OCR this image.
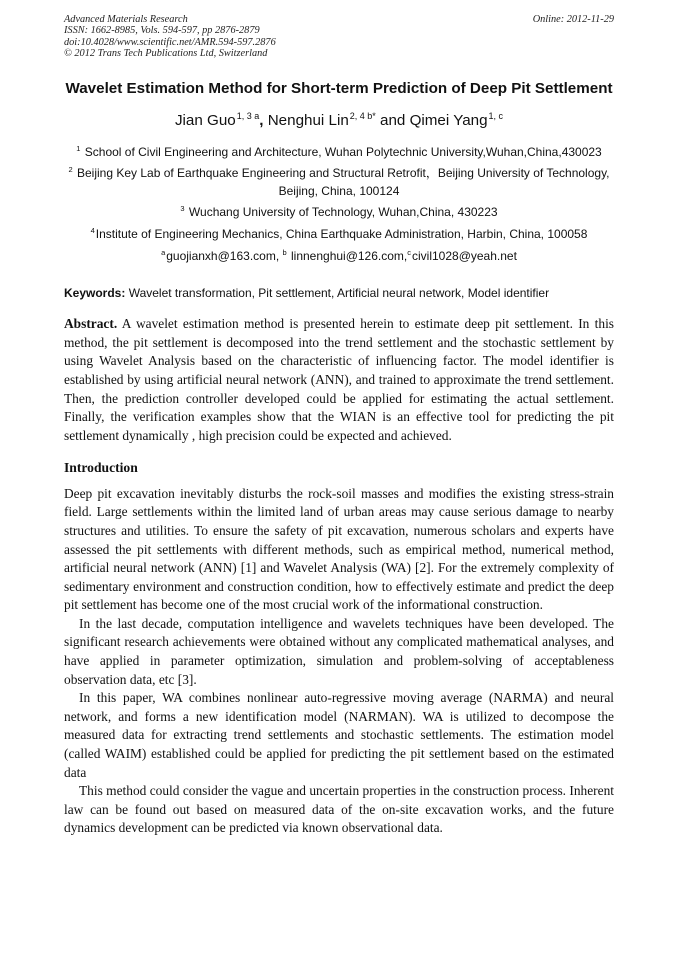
Advanced Materials Research	Online: 2012-11-29
ISSN: 1662-8985, Vols. 594-597, pp 2876-2879
doi:10.4028/www.scientific.net/AMR.594-597.2876
© 2012 Trans Tech Publications Ltd, Switzerland
Wavelet Estimation Method for Short-term Prediction of Deep Pit Settlement
Jian Guo$^{1, 3 a}$, Nenghui Lin$^{2, 4 b*}$ and Qimei Yang$^{1, c}$
$^1$ School of Civil Engineering and Architecture, Wuhan Polytechnic University,Wuhan,China,430023
$^2$ Beijing Key Lab of Earthquake Engineering and Structural Retrofit，Beijing University of Technology, Beijing, China, 100124
$^3$ Wuchang University of Technology, Wuhan,China, 430223
$^4$Institute of Engineering Mechanics, China Earthquake Administration, Harbin, China, 100058
$^a$guojianxh@163.com, $^b$ linnenghui@126.com,$^c$civil1028@yeah.net
Keywords: Wavelet transformation, Pit settlement, Artificial neural network, Model identifier

Abstract. A wavelet estimation method is presented herein to estimate deep pit settlement. In this method, the pit settlement is decomposed into the trend settlement and the stochastic settlement by using Wavelet Analysis based on the characteristic of influencing factor. The model identifier is established by using artificial neural network (ANN), and trained to approximate the trend settlement. Then, the prediction controller developed could be applied for estimating the actual settlement. Finally, the verification examples show that the WIAN is an effective tool for predicting the pit settlement dynamically , high precision could be expected and achieved.

Introduction

Deep pit excavation inevitably disturbs the rock-soil masses and modifies the existing stress-strain field. Large settlements within the limited land of urban areas may cause serious damage to nearby structures and utilities. To ensure the safety of pit excavation, numerous scholars and experts have assessed the pit settlements with different methods, such as empirical method, numerical method, artificial neural network (ANN) [1] and Wavelet Analysis (WA) [2]. For the extremely complexity of sedimentary environment and construction condition, how to effectively estimate and predict the deep pit settlement has become one of the most crucial work of the informational construction.

In the last decade, computation intelligence and wavelets techniques have been developed. The significant research achievements were obtained without any complicated mathematical analyses, and have applied in parameter optimization, simulation and problem-solving of acceptableness observation data, etc [3].

In this paper, WA combines nonlinear auto-regressive moving average (NARMA) and neural network, and forms a new identification model (NARMAN). WA is utilized to decompose the measured data for extracting trend settlements and stochastic settlements. The estimation model (called WAIM) established could be applied for predicting the pit settlement based on the estimated data

This method could consider the vague and uncertain properties in the construction process. Inherent law can be found out based on measured data of the on-site excavation works, and the future dynamics development can be predicted via known observational data.
